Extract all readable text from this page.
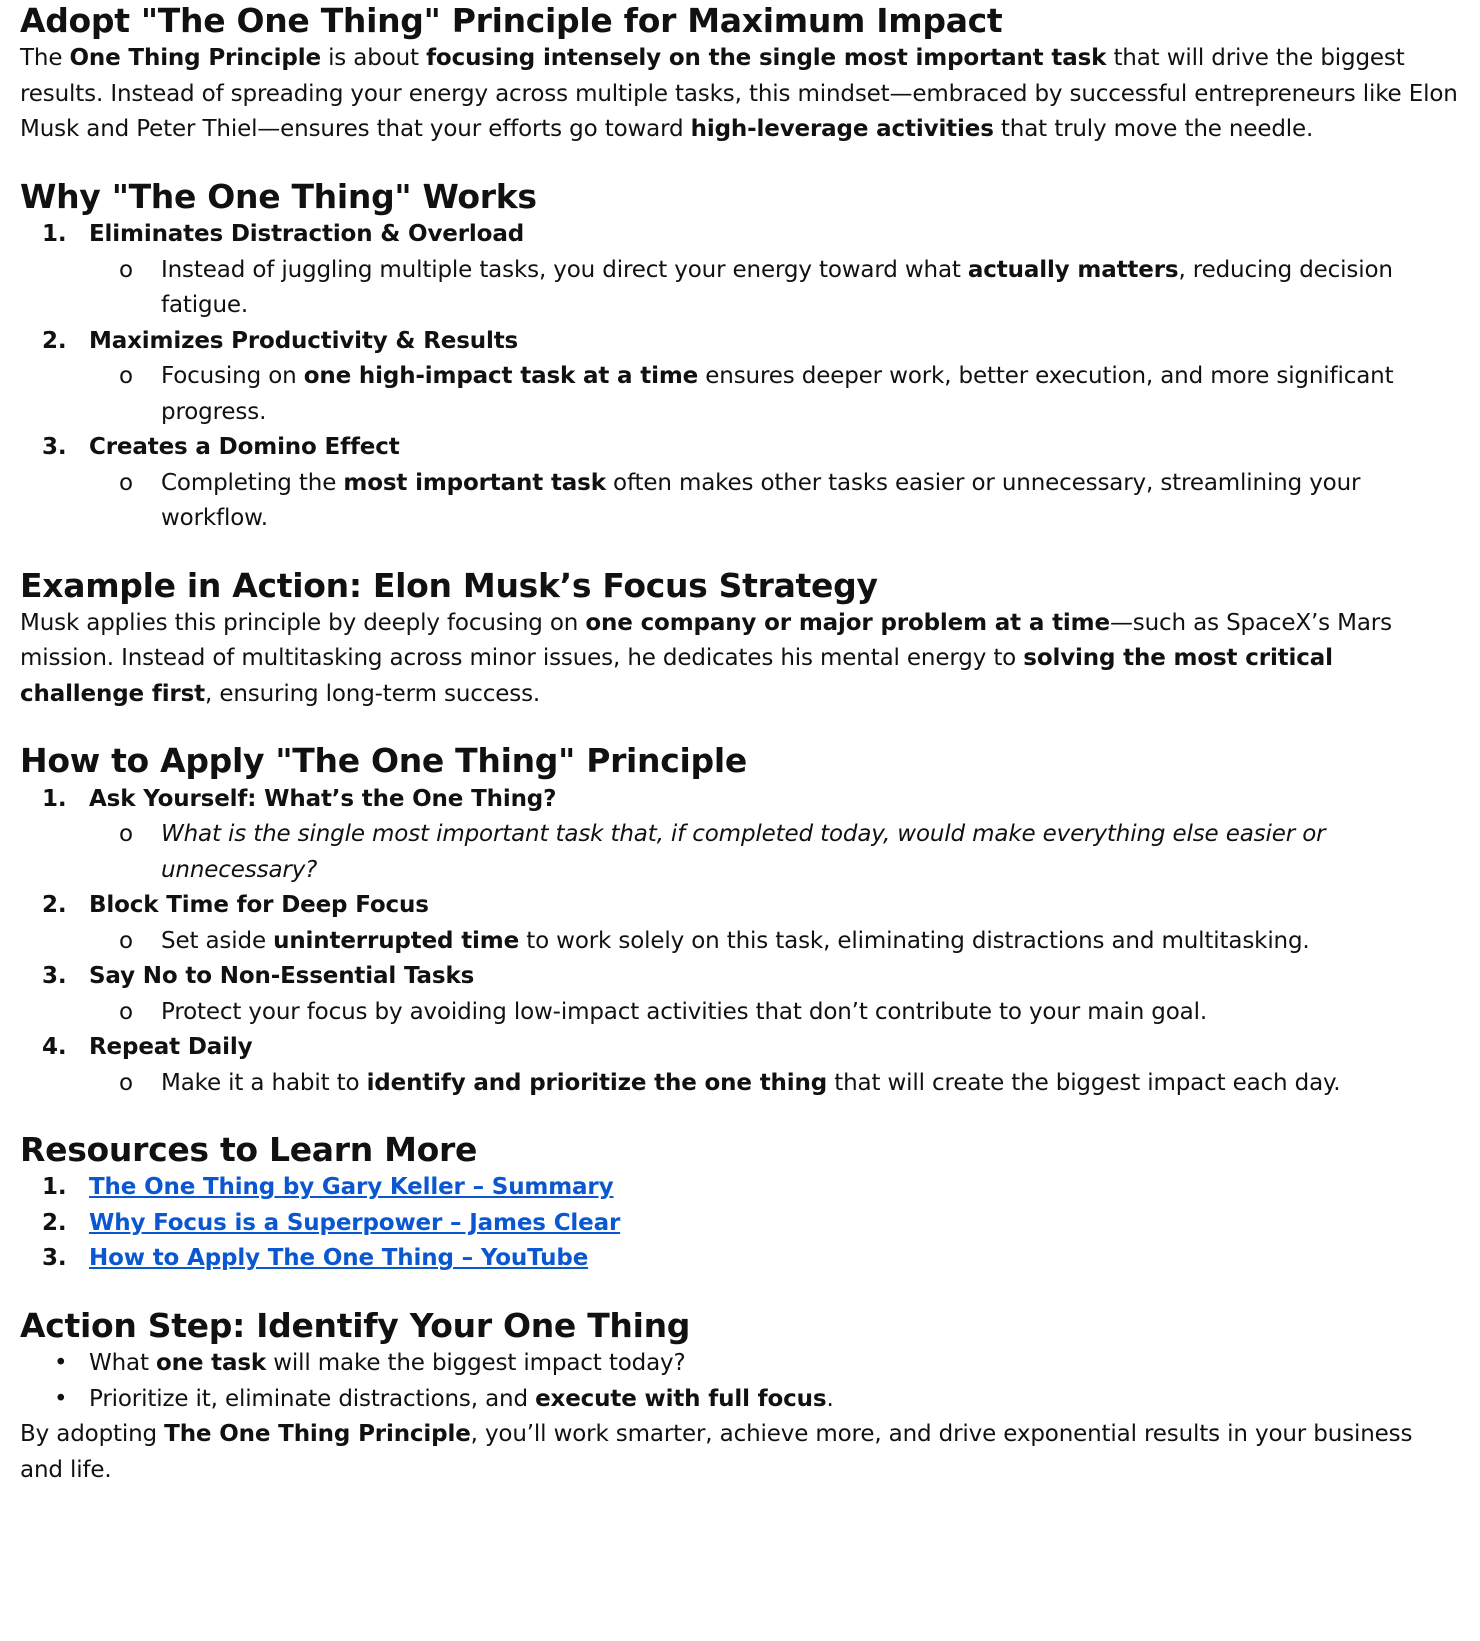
Adopt "The One Thing" Principle for Maximum Impact

The One Thing Principle is about focusing intensely on the single most important task that will drive the biggest results. Instead of spreading your energy across multiple tasks, this mindset—embraced by successful entrepreneurs like Elon Musk and Peter Thiel—ensures that your efforts go toward high-leverage activities that truly move the needle.

Why "The One Thing" Works
1. Eliminates Distraction & Overload
o Instead of juggling multiple tasks, you direct your energy toward what actually matters, reducing decision fatigue.
2. Maximizes Productivity & Results
o Focusing on one high-impact task at a time ensures deeper work, better execution, and more significant progress.
3. Creates a Domino Effect
o Completing the most important task often makes other tasks easier or unnecessary, streamlining your workflow.
Example in Action: Elon Musk’s Focus Strategy

Musk applies this principle by deeply focusing on one company or major problem at a time—such as SpaceX’s Mars mission. Instead of multitasking across minor issues, he dedicates his mental energy to solving the most critical challenge first, ensuring long-term success.

How to Apply "The One Thing" Principle
1. Ask Yourself: What’s the One Thing?
o What is the single most important task that, if completed today, would make everything else easier or unnecessary?
2. Block Time for Deep Focus
o Set aside uninterrupted time to work solely on this task, eliminating distractions and multitasking.
3. Say No to Non-Essential Tasks
o Protect your focus by avoiding low-impact activities that don’t contribute to your main goal.
4. Repeat Daily
o Make it a habit to identify and prioritize the one thing that will create the biggest impact each day.
Resources to Learn More
1. The One Thing by Gary Keller – Summary
2. Why Focus is a Superpower – James Clear
3. How to Apply The One Thing – YouTube
Action Step: Identify Your One Thing
• What one task will make the biggest impact today?
• Prioritize it, eliminate distractions, and execute with full focus.

By adopting The One Thing Principle, you’ll work smarter, achieve more, and drive exponential results in your business and life.
